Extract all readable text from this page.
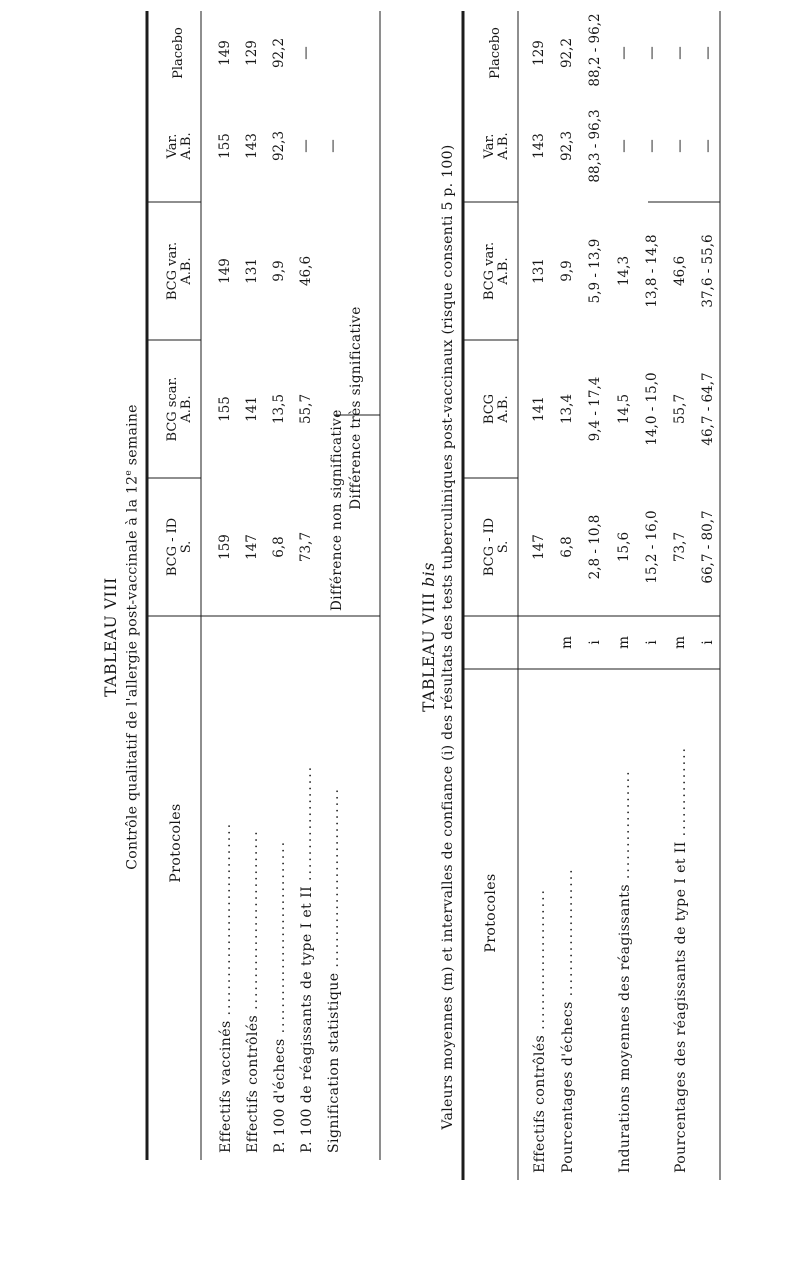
TABLEAU VIII Contrôle qualitatif de l'allergie post-vaccinale à la 12e semaine
Protocoles
BCG - ID
S.
BCG scar.
A.B.
BCG var.
A.B.
Var.
A.B.
Placebo
Effectifs vaccinés ..............................
Effectifs contrôlés ............................
P. 100 d'échecs .............................. P. 100 de réagissants de type I et II ..................
Signification statistique ............................
159
155
149
155
149
147
141
131
143
129
6,8
13,5
9,9
92,3
92,2
73,7
55,7
46,6
—
—
—
Différence non significative
Différence très significative
TABLEAU VIII bis Valeurs moyennes (m) et intervalles de confiance (i) des résultats des tests tuberculiniques post-vaccinaux (risque consenti 5 p. 100) Protocoles
BCG - ID
S.
BCG
A.B.
BCG var.
A.B.
Var.
A.B.
Placebo
Effectifs contrôlés ......................
Pourcentages d'échecs ....................	Indurations moyennes des réagissants .................
Pourcentages des réagissants de type I et II ..............
m i m i m i
147
141
131
143
129
6,8
13,4
9,9
92,3
92,2
2,8 - 10,8
9,4 - 17,4
5,9 - 13,9
88,3 - 96,3
88,2 - 96,2
15,6
14,5
14,3
—
—
15,2 - 16,0
14,0 - 15,0
13,8 - 14,8
—
—
73,7
55,7
46,6
—
—
66,7 - 80,7
46,7 - 64,7
37,6 - 55,6
—
—
